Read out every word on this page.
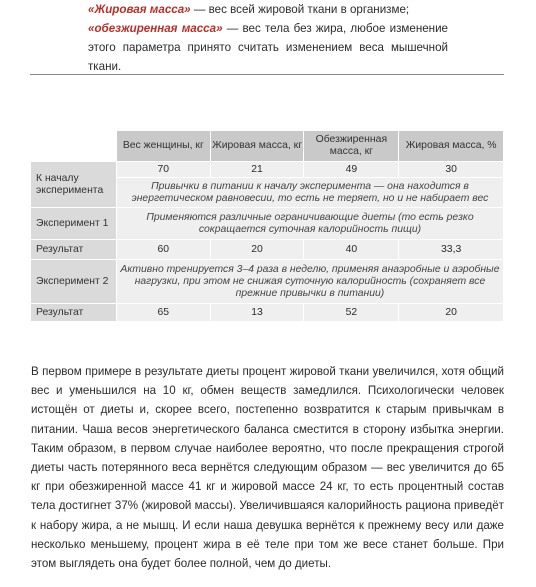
«Жировая масса» — вес всей жировой ткани в организме;
«обезжиренная масса» — вес тела без жира, любое изменение этого параметра принято считать изменением веса мышечной ткани.
	Вес женщины, кг	Жировая масса, кг	Обезжиренная масса, кг	Жировая масса, %
К началу эксперимента	70	21	49	30
	Привычки в питании к началу эксперимента — она находится в энергетическом равновесии, то есть не теряет, но и не набирает вес			
Эксперимент 1	Применяются различные ограничивающие диеты (то есть резко сокращается суточная калорийность пищи)			
Результат	60	20	40	33,3
Эксперимент 2	Активно тренируется 3–4 раза в неделю, применяя анаэробные и аэробные нагрузки, при этом не снижая суточную калорийность (сохраняет все прежние привычки в питании)			
Результат	65	13	52	20

В первом примере в результате диеты процент жировой ткани увеличился, хотя общий вес и уменьшился на 10 кг, обмен веществ замедлился. Психологически человек истощён от диеты и, скорее всего, постепенно возвратится к старым привычкам в питании. Чаша весов энергетического баланса сместится в сторону избытка энергии. Таким образом, в первом случае наиболее вероятно, что после прекращения строгой диеты часть потерянного веса вернётся следующим образом — вес увеличится до 65 кг при обезжиренной массе 41 кг и жировой массе 24 кг, то есть процентный состав тела достигнет 37% (жировой массы). Увеличившаяся калорийность рациона приведёт к набору жира, а не мышц. И если наша девушка вернётся к прежнему весу или даже несколько меньшему, процент жира в её теле при том же весе станет больше. При этом выглядеть она будет более полной, чем до диеты.
